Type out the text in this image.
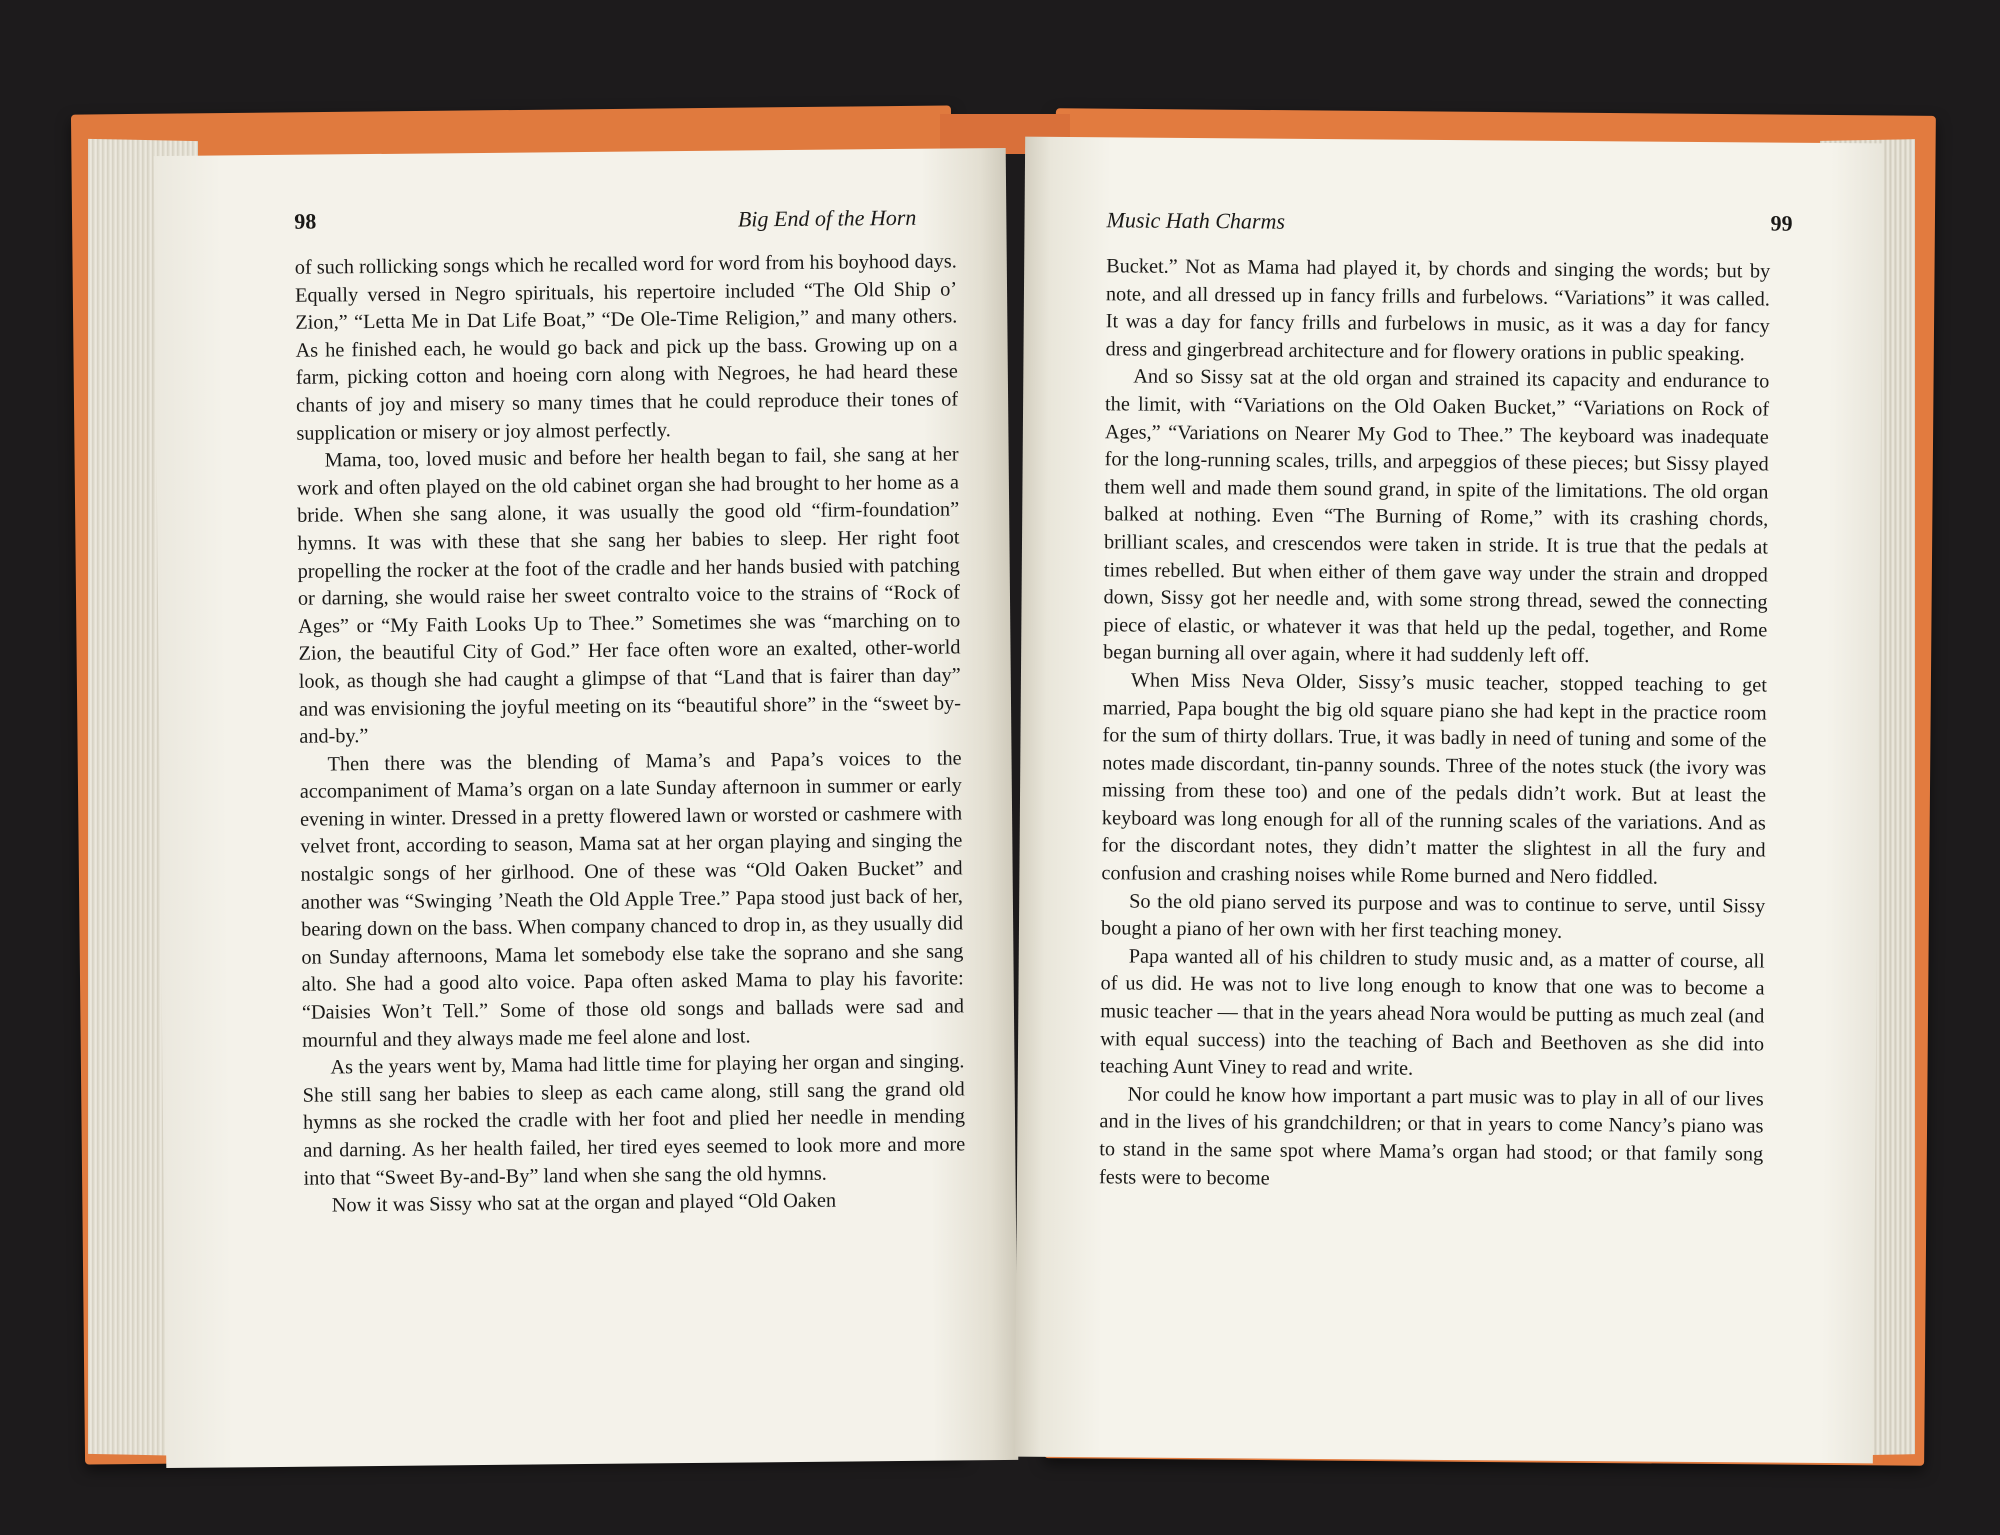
98	Big End of the Horn

of such rollicking songs which he recalled word for word from his boyhood days. Equally versed in Negro spirituals, his repertoire included “The Old Ship o’ Zion,” “Letta Me in Dat Life Boat,” “De Ole-Time Religion,” and many others. As he finished each, he would go back and pick up the bass. Growing up on a farm, picking cotton and hoeing corn along with Negroes, he had heard these chants of joy and misery so many times that he could reproduce their tones of supplication or misery or joy almost perfectly.

Mama, too, loved music and before her health began to fail, she sang at her work and often played on the old cabinet organ she had brought to her home as a bride. When she sang alone, it was usually the good old “firm-foundation” hymns. It was with these that she sang her babies to sleep. Her right foot propelling the rocker at the foot of the cradle and her hands busied with patching or darning, she would raise her sweet contralto voice to the strains of “Rock of Ages” or “My Faith Looks Up to Thee.” Sometimes she was “marching on to Zion, the beautiful City of God.” Her face often wore an exalted, other-world look, as though she had caught a glimpse of that “Land that is fairer than day” and was envisioning the joyful meeting on its “beautiful shore” in the “sweet by-and-by.”

Then there was the blending of Mama’s and Papa’s voices to the accompaniment of Mama’s organ on a late Sunday afternoon in summer or early evening in winter. Dressed in a pretty flowered lawn or worsted or cashmere with velvet front, according to season, Mama sat at her organ playing and singing the nostalgic songs of her girlhood. One of these was “Old Oaken Bucket” and another was “Swinging ’Neath the Old Apple Tree.” Papa stood just back of her, bearing down on the bass. When company chanced to drop in, as they usually did on Sunday afternoons, Mama let somebody else take the soprano and she sang alto. She had a good alto voice. Papa often asked Mama to play his favorite: “Daisies Won’t Tell.” Some of those old songs and ballads were sad and mournful and they always made me feel alone and lost.

As the years went by, Mama had little time for playing her organ and singing. She still sang her babies to sleep as each came along, still sang the grand old hymns as she rocked the cradle with her foot and plied her needle in mending and darning. As her health failed, her tired eyes seemed to look more and more into that “Sweet By-and-By” land when she sang the old hymns.

Now it was Sissy who sat at the organ and played “Old Oaken

Music Hath Charms	99

Bucket.” Not as Mama had played it, by chords and singing the words; but by note, and all dressed up in fancy frills and furbelows. “Variations” it was called. It was a day for fancy frills and furbelows in music, as it was a day for fancy dress and gingerbread architecture and for flowery orations in public speaking.

And so Sissy sat at the old organ and strained its capacity and endurance to the limit, with “Variations on the Old Oaken Bucket,” “Variations on Rock of Ages,” “Variations on Nearer My God to Thee.” The keyboard was inadequate for the long-running scales, trills, and arpeggios of these pieces; but Sissy played them well and made them sound grand, in spite of the limitations. The old organ balked at nothing. Even “The Burning of Rome,” with its crashing chords, brilliant scales, and crescendos were taken in stride. It is true that the pedals at times rebelled. But when either of them gave way under the strain and dropped down, Sissy got her needle and, with some strong thread, sewed the connecting piece of elastic, or whatever it was that held up the pedal, together, and Rome began burning all over again, where it had suddenly left off.

When Miss Neva Older, Sissy’s music teacher, stopped teaching to get married, Papa bought the big old square piano she had kept in the practice room for the sum of thirty dollars. True, it was badly in need of tuning and some of the notes made discordant, tin-panny sounds. Three of the notes stuck (the ivory was missing from these too) and one of the pedals didn’t work. But at least the keyboard was long enough for all of the running scales of the variations. And as for the discordant notes, they didn’t matter the slightest in all the fury and confusion and crashing noises while Rome burned and Nero fiddled.

So the old piano served its purpose and was to continue to serve, until Sissy bought a piano of her own with her first teaching money.

Papa wanted all of his children to study music and, as a matter of course, all of us did. He was not to live long enough to know that one was to become a music teacher — that in the years ahead Nora would be putting as much zeal (and with equal success) into the teaching of Bach and Beethoven as she did into teaching Aunt Viney to read and write.

Nor could he know how important a part music was to play in all of our lives and in the lives of his grandchildren; or that in years to come Nancy’s piano was to stand in the same spot where Mama’s organ had stood; or that family song fests were to become
